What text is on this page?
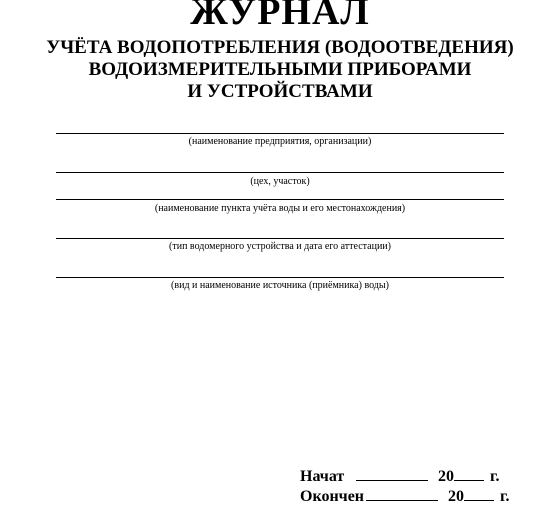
ЖУРНАЛ
УЧЁТА ВОДОПОТРЕБЛЕНИЯ (ВОДООТВЕДЕНИЯ)
ВОДОИЗМЕРИТЕЛЬНЫМИ ПРИБОРАМИ
И УСТРОЙСТВАМИ
(наименование предприятия, организации)
(цех, участок)
(наименование пункта учёта воды и его местонахождения)
(тип водомерного устройства и дата его аттестации)
(вид и наименование источника (приёмника) воды)
Начат	20 г.
Окончен	20 г.
